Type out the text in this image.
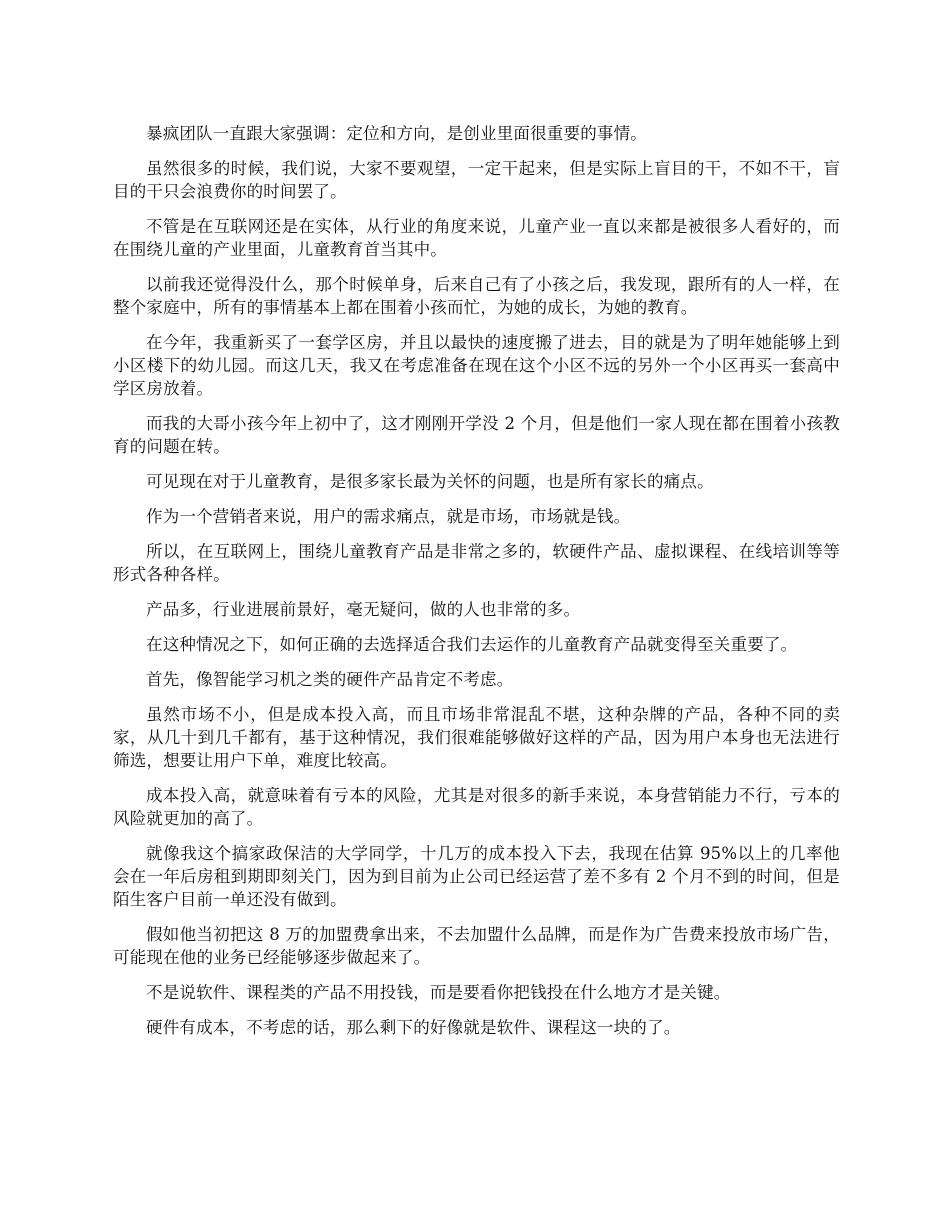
暴疯团队一直跟大家强调：定位和方向，是创业里面很重要的事情。

虽然很多的时候，我们说，大家不要观望，一定干起来，但是实际上盲目的干，不如不干，盲目的干只会浪费你的时间罢了。

不管是在互联网还是在实体，从行业的角度来说，儿童产业一直以来都是被很多人看好的，而在围绕儿童的产业里面，儿童教育首当其中。

以前我还觉得没什么，那个时候单身，后来自己有了小孩之后，我发现，跟所有的人一样，在整个家庭中，所有的事情基本上都在围着小孩而忙，为她的成长，为她的教育。

在今年，我重新买了一套学区房，并且以最快的速度搬了进去，目的就是为了明年她能够上到小区楼下的幼儿园。而这几天，我又在考虑准备在现在这个小区不远的另外一个小区再买一套高中学区房放着。

而我的大哥小孩今年上初中了，这才刚刚开学没 2 个月，但是他们一家人现在都在围着小孩教育的问题在转。

可见现在对于儿童教育，是很多家长最为关怀的问题，也是所有家长的痛点。

作为一个营销者来说，用户的需求痛点，就是市场，市场就是钱。

所以，在互联网上，围绕儿童教育产品是非常之多的，软硬件产品、虚拟课程、在线培训等等形式各种各样。

产品多，行业进展前景好，毫无疑问，做的人也非常的多。

在这种情况之下，如何正确的去选择适合我们去运作的儿童教育产品就变得至关重要了。

首先，像智能学习机之类的硬件产品肯定不考虑。

虽然市场不小，但是成本投入高，而且市场非常混乱不堪，这种杂牌的产品，各种不同的卖家，从几十到几千都有，基于这种情况，我们很难能够做好这样的产品，因为用户本身也无法进行筛选，想要让用户下单，难度比较高。

成本投入高，就意味着有亏本的风险，尤其是对很多的新手来说，本身营销能力不行，亏本的风险就更加的高了。

就像我这个搞家政保洁的大学同学，十几万的成本投入下去，我现在估算 95%以上的几率他会在一年后房租到期即刻关门，因为到目前为止公司已经运营了差不多有 2 个月不到的时间，但是陌生客户目前一单还没有做到。

假如他当初把这 8 万的加盟费拿出来，不去加盟什么品牌，而是作为广告费来投放市场广告，可能现在他的业务已经能够逐步做起来了。

不是说软件、课程类的产品不用投钱，而是要看你把钱投在什么地方才是关键。

硬件有成本，不考虑的话，那么剩下的好像就是软件、课程这一块的了。
